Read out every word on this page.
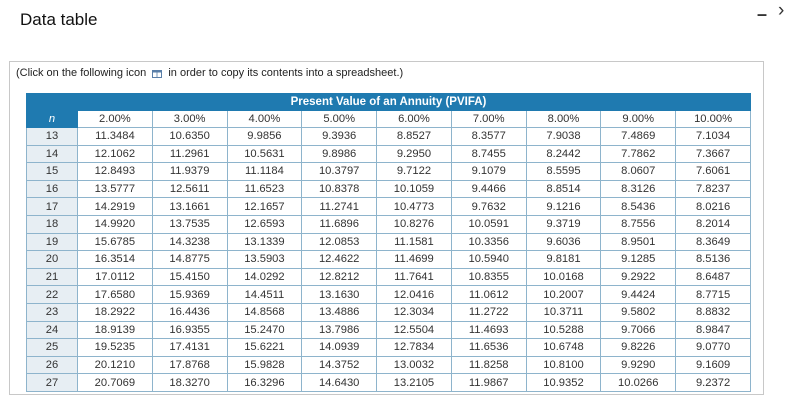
Data table	– ›
(Click on the following icon in order to copy its contents into a spreadsheet.)
Present Value of an Annuity (PVIFA)									
n	2.00%	3.00%	4.00%	5.00%	6.00%	7.00%	8.00%	9.00%	10.00%
13	11.3484	10.6350	9.9856	9.3936	8.8527	8.3577	7.9038	7.4869	7.1034
14	12.1062	11.2961	10.5631	9.8986	9.2950	8.7455	8.2442	7.7862	7.3667
15	12.8493	11.9379	11.1184	10.3797	9.7122	9.1079	8.5595	8.0607	7.6061
16	13.5777	12.5611	11.6523	10.8378	10.1059	9.4466	8.8514	8.3126	7.8237
17	14.2919	13.1661	12.1657	11.2741	10.4773	9.7632	9.1216	8.5436	8.0216
18	14.9920	13.7535	12.6593	11.6896	10.8276	10.0591	9.3719	8.7556	8.2014
19	15.6785	14.3238	13.1339	12.0853	11.1581	10.3356	9.6036	8.9501	8.3649
20	16.3514	14.8775	13.5903	12.4622	11.4699	10.5940	9.8181	9.1285	8.5136
21	17.0112	15.4150	14.0292	12.8212	11.7641	10.8355	10.0168	9.2922	8.6487
22	17.6580	15.9369	14.4511	13.1630	12.0416	11.0612	10.2007	9.4424	8.7715
23	18.2922	16.4436	14.8568	13.4886	12.3034	11.2722	10.3711	9.5802	8.8832
24	18.9139	16.9355	15.2470	13.7986	12.5504	11.4693	10.5288	9.7066	8.9847
25	19.5235	17.4131	15.6221	14.0939	12.7834	11.6536	10.6748	9.8226	9.0770
26	20.1210	17.8768	15.9828	14.3752	13.0032	11.8258	10.8100	9.9290	9.1609
27	20.7069	18.3270	16.3296	14.6430	13.2105	11.9867	10.9352	10.0266	9.2372
